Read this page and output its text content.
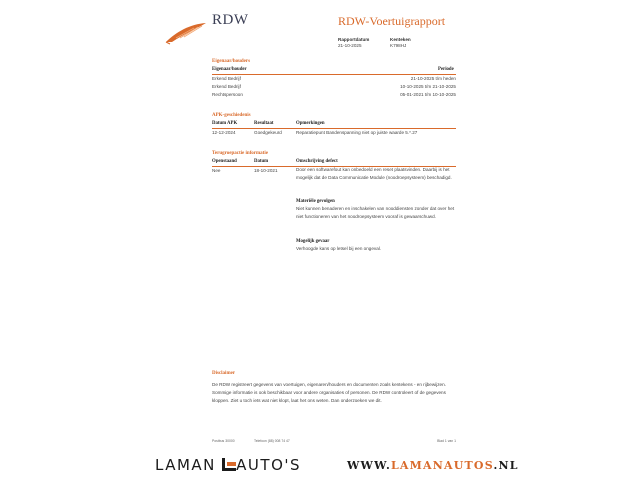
RDW	RDW-Voertuigrapport
Rapportdatum
21-10-2025
Kenteken
K798HJ
Eigenaar/houders
Eigenaar/houder	Periode
Erkend Bedrijf	21-10-2025 t/m heden
Erkend Bedrijf	10-10-2025 t/m 21-10-2025
Rechtspersoon	05-01-2021 t/m 10-10-2025
APK-geschiedenis
Datum APK	Resultaat	Opmerkingen
12-12-2024	Goedgekeurd	Reparatiepunt Bandenspanning niet op juiste waarde 5.*.27
Terugroepactie informatie
Openstaand	Datum	Omschrijving defect
Nee	18-10-2021	Door een softwarefout kan onbedoeld een reset plaatsvinden. Daarbij is het mogelijk dat de Data Communicatie Module (noodroepsysteem) beschadigd.
Materiële gevolgen
Niet kunnen benaderen en inschakelen van nooddiensten zonder dat over het niet functioneren van het noodroepsysteem vooraf is gewaarschuwd.
Mogelijk gevaar
Verhoogde kans op letsel bij een ongeval.
Disclaimer
De RDW registreert gegevens van voertuigen, eigenaren/houders en documenten zoals kentekens - en rijbewijzen. Sommige informatie is ook beschikbaar voor andere organisaties of personen. De RDW controleert of de gegevens kloppen. Ziet u toch iets wat niet klopt, laat het ons weten. Dan onderzoeken we dit.
Postbus 30000	Telefoon (88) 008 74 47	Blad 1 van 1
LAMAN AUTO'S	WWW.LAMANAUTOS.NL
